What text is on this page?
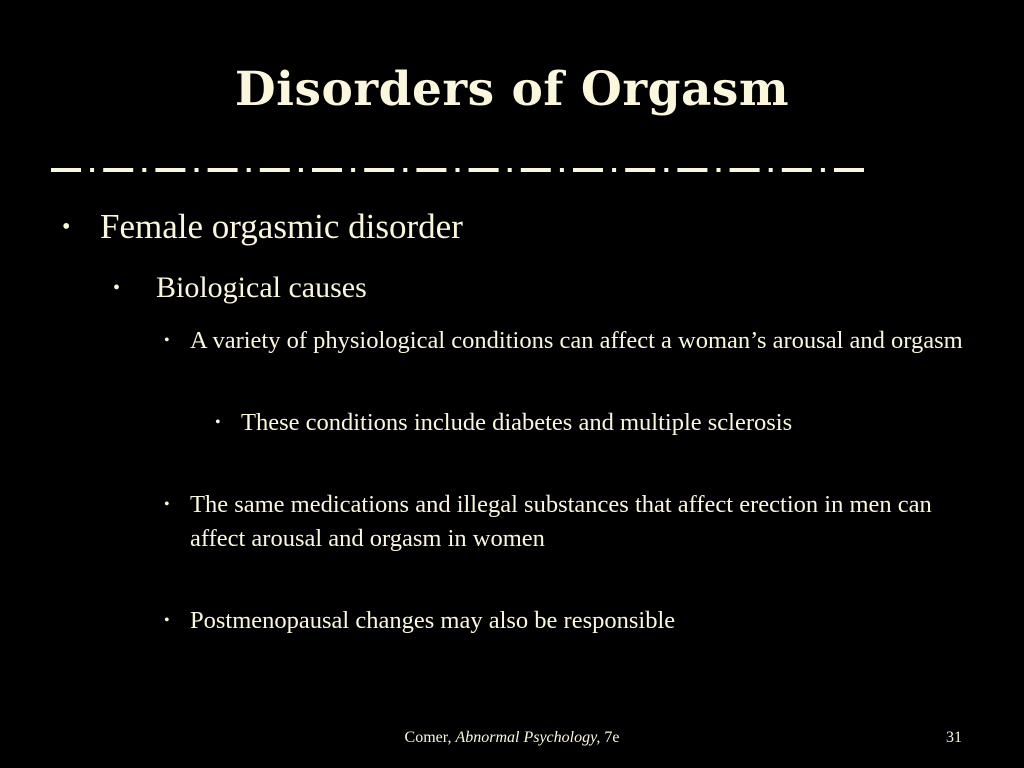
Disorders of Orgasm
• Female orgasmic disorder
•	Biological causes
• A variety of physiological conditions can affect a woman’s arousal and orgasm
• These conditions include diabetes and multiple sclerosis
• The same medications and illegal substances that affect erection in men can affect arousal and orgasm in women
• Postmenopausal changes may also be responsible
Comer, Abnormal Psychology, 7e	31
